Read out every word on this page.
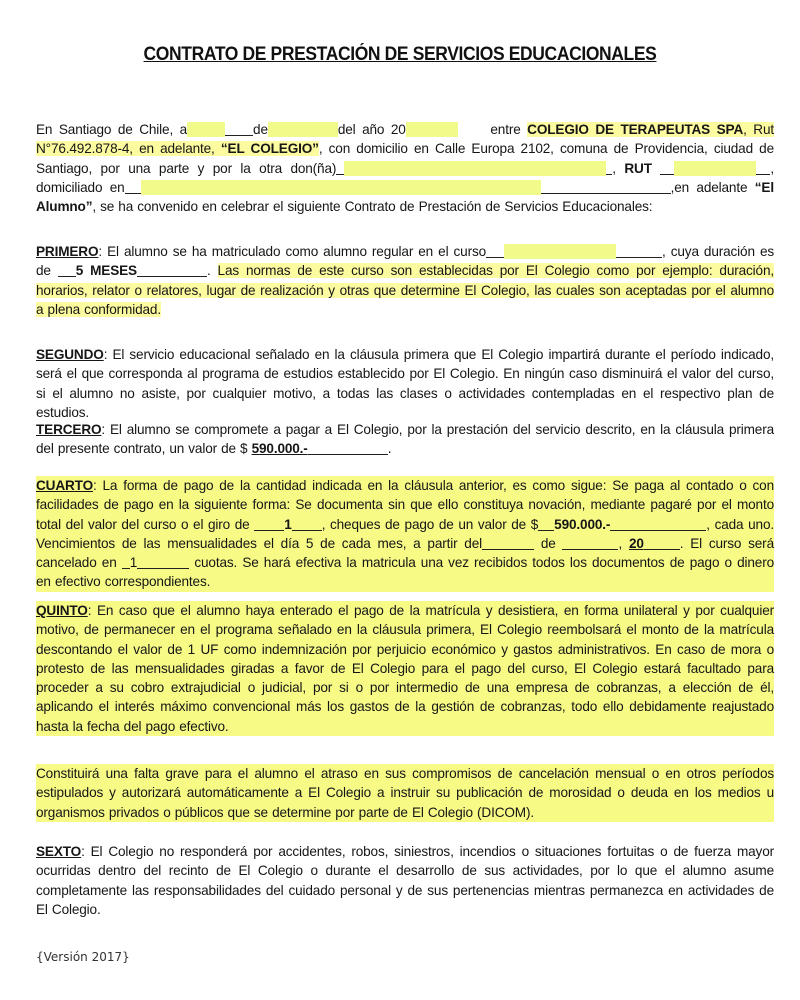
CONTRATO DE PRESTACIÓN DE SERVICIOS EDUCACIONALES
En Santiago de Chile, a	de	del año 20	entre COLEGIO DE TERAPEUTAS SPA, Rut N°76.492.878-4, en adelante, “EL COLEGIO”, con domicilio en Calle Europa 2102, comuna de Providencia, ciudad de Santiago, por una parte y por la otra don(ña)	, RUT	, domiciliado en	,en adelante “El Alumno”, se ha convenido en celebrar el siguiente Contrato de Prestación de Servicios Educacionales:
PRIMERO: El alumno se ha matriculado como alumno regular en el curso	, cuya duración es de 5 MESES	. Las normas de este curso son establecidas por El Colegio como por ejemplo: duración, horarios, relator o relatores, lugar de realización y otras que determine El Colegio, las cuales son aceptadas por el alumno a plena conformidad.
SEGUNDO: El servicio educacional señalado en la cláusula primera que El Colegio impartirá durante el período indicado, será el que corresponda al programa de estudios establecido por El Colegio. En ningún caso disminuirá el valor del curso, si el alumno no asiste, por cualquier motivo, a todas las clases o actividades contempladas en el respectivo plan de estudios.
TERCERO: El alumno se compromete a pagar a El Colegio, por la prestación del servicio descrito, en la cláusula primera del presente contrato, un valor de $ 590.000.-	.
CUARTO: La forma de pago de la cantidad indicada en la cláusula anterior, es como sigue: Se paga al contado o con facilidades de pago en la siguiente forma: Se documenta sin que ello constituya novación, mediante pagaré por el monto total del valor del curso o el giro de 1 , cheques de pago de un valor de $ 590.000.-	, cada uno. Vencimientos de las mensualidades el día 5 de cada mes, a partir del	de	, 20	. El curso será cancelado en 1	cuotas. Se hará efectiva la matricula una vez recibidos todos los documentos de pago o dinero en efectivo correspondientes.
QUINTO: En caso que el alumno haya enterado el pago de la matrícula y desistiera, en forma unilateral y por cualquier motivo, de permanecer en el programa señalado en la cláusula primera, El Colegio reembolsará el monto de la matrícula descontando el valor de 1 UF como indemnización por perjuicio económico y gastos administrativos. En caso de mora o protesto de las mensualidades giradas a favor de El Colegio para el pago del curso, El Colegio estará facultado para proceder a su cobro extrajudicial o judicial, por si o por intermedio de una empresa de cobranzas, a elección de él, aplicando el interés máximo convencional más los gastos de la gestión de cobranzas, todo ello debidamente reajustado hasta la fecha del pago efectivo.
Constituirá una falta grave para el alumno el atraso en sus compromisos de cancelación mensual o en otros períodos estipulados y autorizará automáticamente a El Colegio a instruir su publicación de morosidad o deuda en los medios u organismos privados o públicos que se determine por parte de El Colegio (DICOM).
SEXTO: El Colegio no responderá por accidentes, robos, siniestros, incendios o situaciones fortuitas o de fuerza mayor ocurridas dentro del recinto de El Colegio o durante el desarrollo de sus actividades, por lo que el alumno asume completamente las responsabilidades del cuidado personal y de sus pertenencias mientras permanezca en actividades de El Colegio.
{Versión 2017}
